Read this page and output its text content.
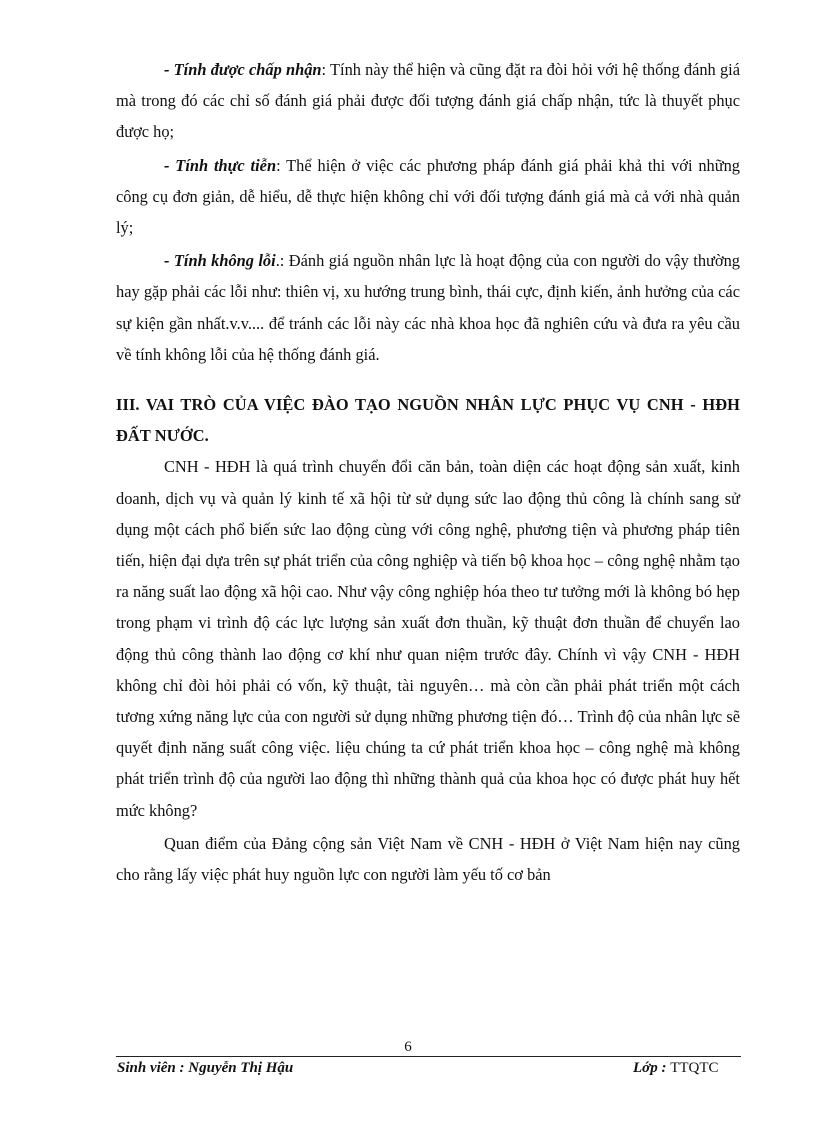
- Tính được chấp nhận: Tính này thể hiện và cũng đặt ra đòi hỏi với hệ thống đánh giá mà trong đó các chỉ số đánh giá phải được đối tượng đánh giá chấp nhận, tức là thuyết phục được họ;

- Tính thực tiễn: Thể hiện ở việc các phương pháp đánh giá phải khả thi với những công cụ đơn giản, dễ hiểu, dễ thực hiện không chỉ với đối tượng đánh giá mà cả với nhà quản lý;

- Tính không lỗi.: Đánh giá nguồn nhân lực là hoạt động của con người do vậy thường hay gặp phải các lỗi như: thiên vị, xu hướng trung bình, thái cực, định kiến, ảnh hưởng của các sự kiện gần nhất.v.v.... để tránh các lỗi này các nhà khoa học đã nghiên cứu và đưa ra yêu cầu về tính không lỗi của hệ thống đánh giá.

III. VAI TRÒ CỦA VIỆC ĐÀO TẠO NGUỒN NHÂN LỰC PHỤC VỤ CNH - HĐH ĐẤT NƯỚC.

CNH - HĐH là quá trình chuyển đổi căn bản, toàn diện các hoạt động sản xuất, kinh doanh, dịch vụ và quản lý kinh tế xã hội từ sử dụng sức lao động thủ công là chính sang sử dụng một cách phổ biến sức lao động cùng với công nghệ, phương tiện và phương pháp tiên tiến, hiện đại dựa trên sự phát triển của công nghiệp và tiến bộ khoa học – công nghệ nhằm tạo ra năng suất lao động xã hội cao. Như vậy công nghiệp hóa theo tư tưởng mới là không bó hẹp trong phạm vi trình độ các lực lượng sản xuất đơn thuần, kỹ thuật đơn thuần để chuyển lao động thủ công thành lao động cơ khí như quan niệm trước đây. Chính vì vậy CNH - HĐH không chỉ đòi hỏi phải có vốn, kỹ thuật, tài nguyên… mà còn cần phải phát triển một cách tương xứng năng lực của con người sử dụng những phương tiện đó… Trình độ của nhân lực sẽ quyết định năng suất công việc. liệu chúng ta cứ phát triển khoa học – công nghệ mà không phát triển trình độ của người lao động thì những thành quả của khoa học có được phát huy hết mức không?

Quan điểm của Đảng cộng sản Việt Nam về CNH - HĐH ở Việt Nam hiện nay cũng cho rằng lấy việc phát huy nguồn lực con người làm yếu tố cơ bản

6
Sinh viên : Nguyễn Thị Hậu	Lớp : TTQTC
